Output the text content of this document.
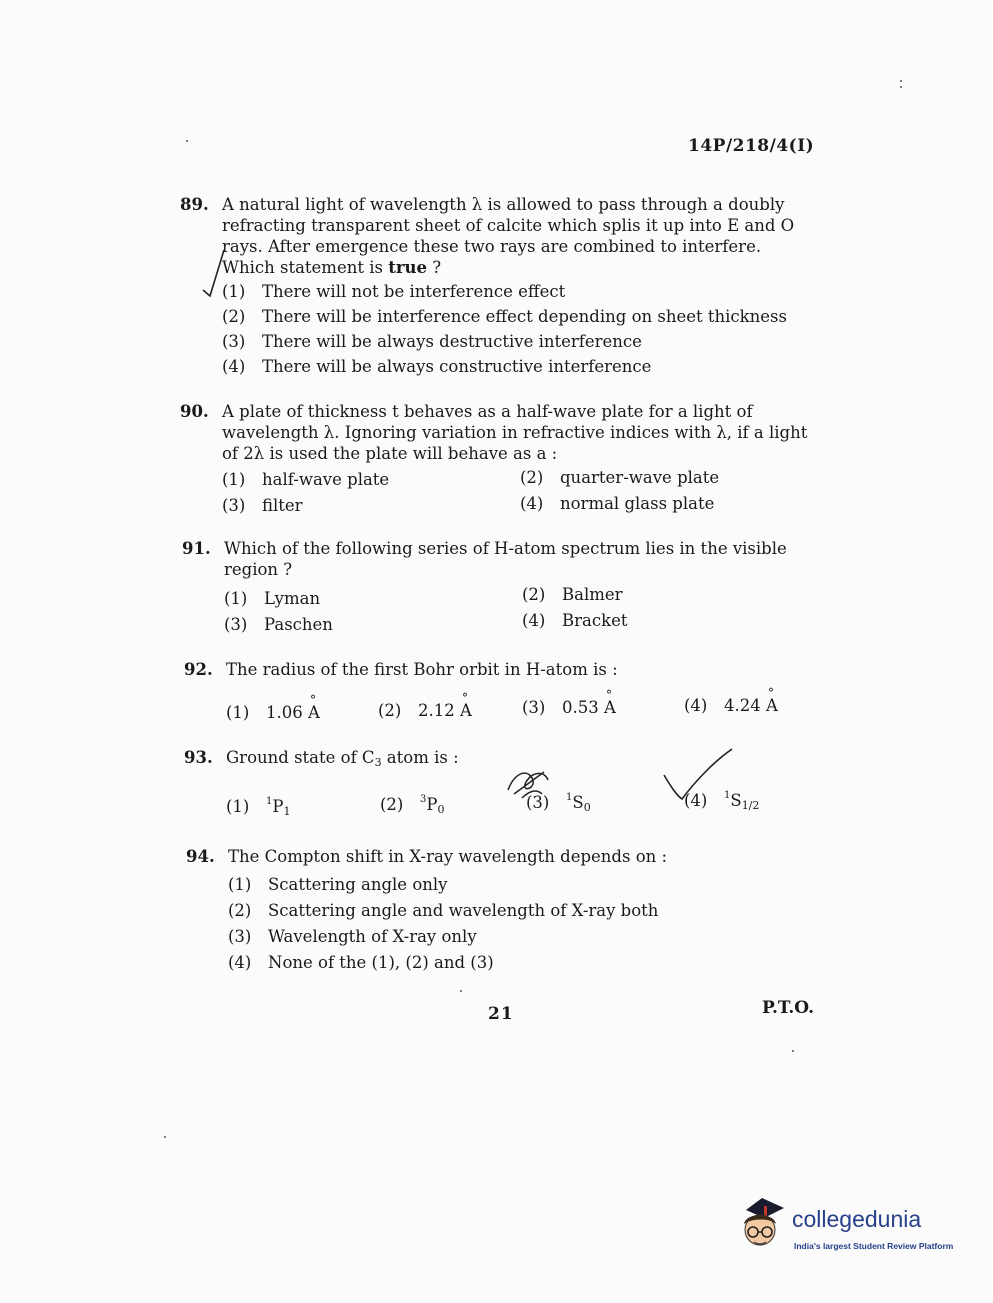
14P/218/4(I)
89. A natural light of wavelength λ is allowed to pass through a doubly refracting transparent sheet of calcite which splis it up into E and O rays. After emergence these two rays are combined to interfere. Which statement is true ?
(1) There will not be interference effect
(2) There will be interference effect depending on sheet thickness
(3) There will be always destructive interference
(4) There will be always constructive interference
90. A plate of thickness t behaves as a half-wave plate for a light of wavelength λ. Ignoring variation in refractive indices with λ, if a light of 2λ is used the plate will behave as a :
(1) half-wave plate	(2) quarter-wave plate
(3) filter	(4) normal glass plate
91. Which of the following series of H-atom spectrum lies in the visible region ?
(1) Lyman	(2) Balmer
(3) Paschen	(4) Bracket
92. The radius of the first Bohr orbit in H-atom is :
(1) 1.06 ° A	(2) 2.12 ° A	(3) 0.53 ° A	(4) 4.24 ° A
93. Ground state of $C_3$ atom is :
(1) $^1P_1$	(2) $^3P_0$	(3) $^1S_0$	(4) $^1S_{1/2}$
94. The Compton shift in X-ray wavelength depends on :
(1) Scattering angle only
(2) Scattering angle and wavelength of X-ray both
(3) Wavelength of X-ray only
(4) None of the (1), (2) and (3)
21	P.T.O.
collegedunia
India's largest Student Review Platform
